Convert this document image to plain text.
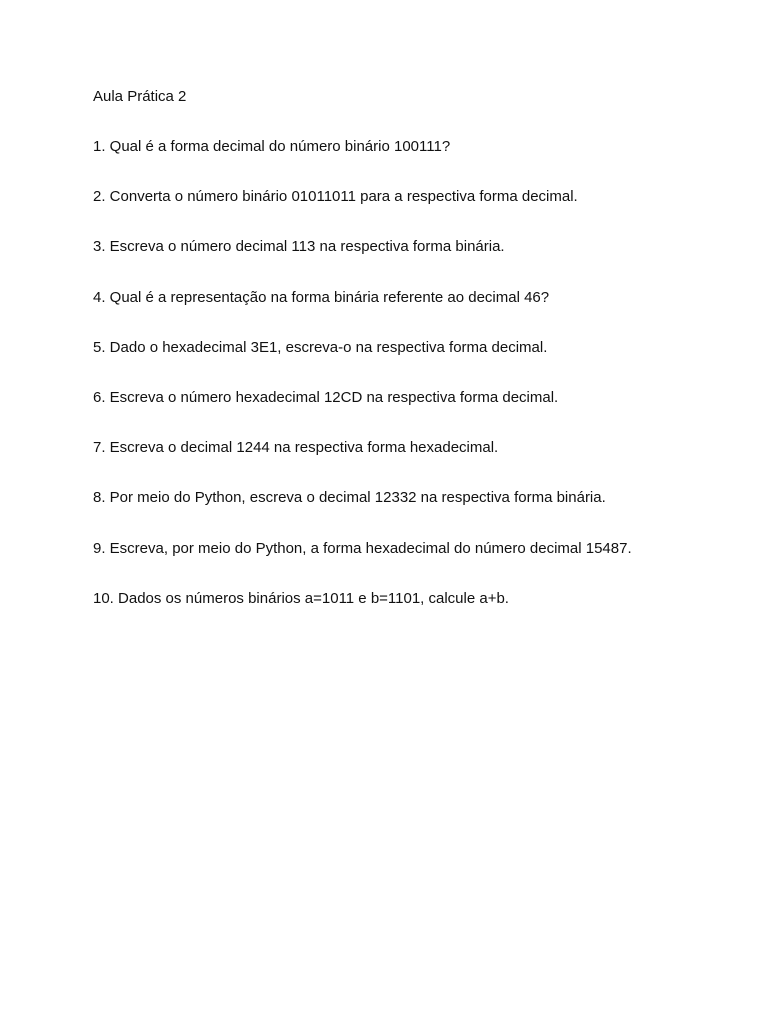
Aula Prática 2
1. Qual é a forma decimal do número binário 100111?
2. Converta o número binário 01011011 para a respectiva forma decimal.
3. Escreva o número decimal 113 na respectiva forma binária.
4. Qual é a representação na forma binária referente ao decimal 46?
5. Dado o hexadecimal 3E1, escreva-o na respectiva forma decimal.
6. Escreva o número hexadecimal 12CD na respectiva forma decimal.
7. Escreva o decimal 1244 na respectiva forma hexadecimal.
8. Por meio do Python, escreva o decimal 12332 na respectiva forma binária.
9. Escreva, por meio do Python, a forma hexadecimal do número decimal 15487.
10. Dados os números binários a=1011 e b=1101, calcule a+b.
